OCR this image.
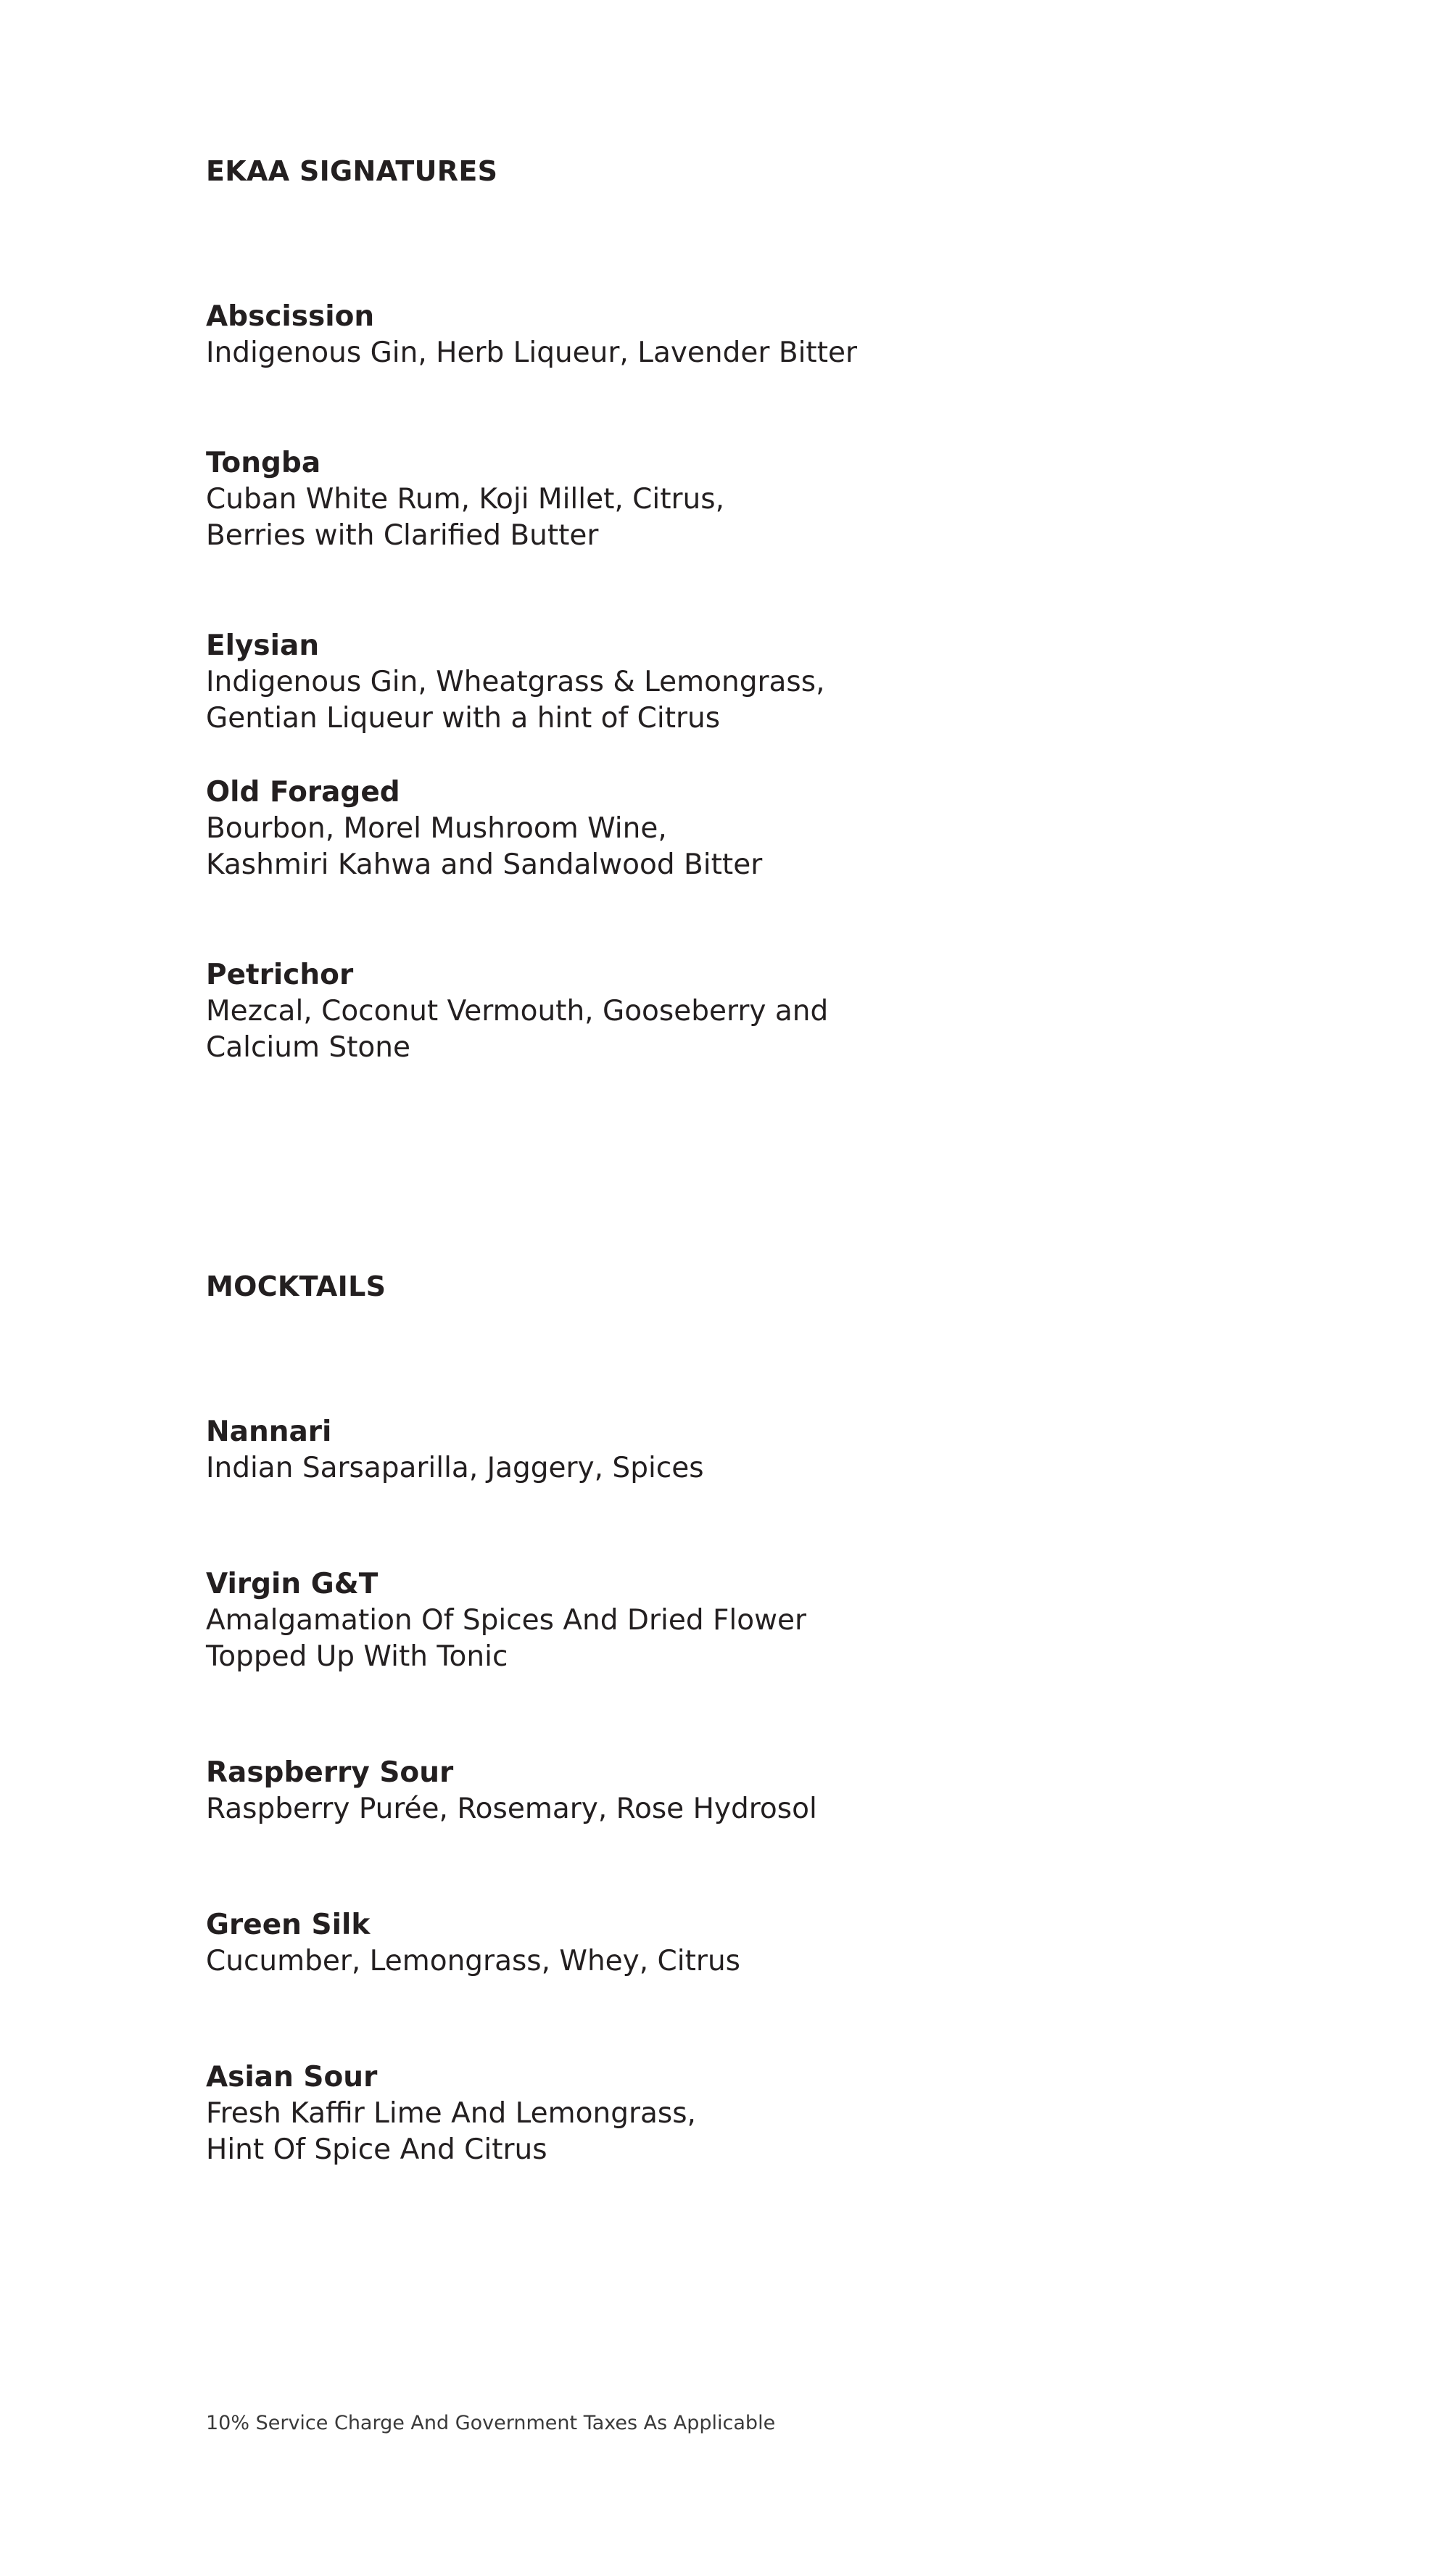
EKAA SIGNATURES
Abscission
Indigenous Gin, Herb Liqueur, Lavender Bitter
Tongba
Cuban White Rum, Koji Millet, Citrus,
Berries with Clarified Butter
Elysian
Indigenous Gin, Wheatgrass & Lemongrass,
Gentian Liqueur with a hint of Citrus
Old Foraged
Bourbon, Morel Mushroom Wine,
Kashmiri Kahwa and Sandalwood Bitter
Petrichor
Mezcal, Coconut Vermouth, Gooseberry and
Calcium Stone
MOCKTAILS
Nannari
Indian Sarsaparilla, Jaggery, Spices
Virgin G&T
Amalgamation Of Spices And Dried Flower
Topped Up With Tonic
Raspberry Sour
Raspberry Purée, Rosemary, Rose Hydrosol
Green Silk
Cucumber, Lemongrass, Whey, Citrus
Asian Sour
Fresh Kaffir Lime And Lemongrass,
Hint Of Spice And Citrus

10% Service Charge And Government Taxes As Applicable
